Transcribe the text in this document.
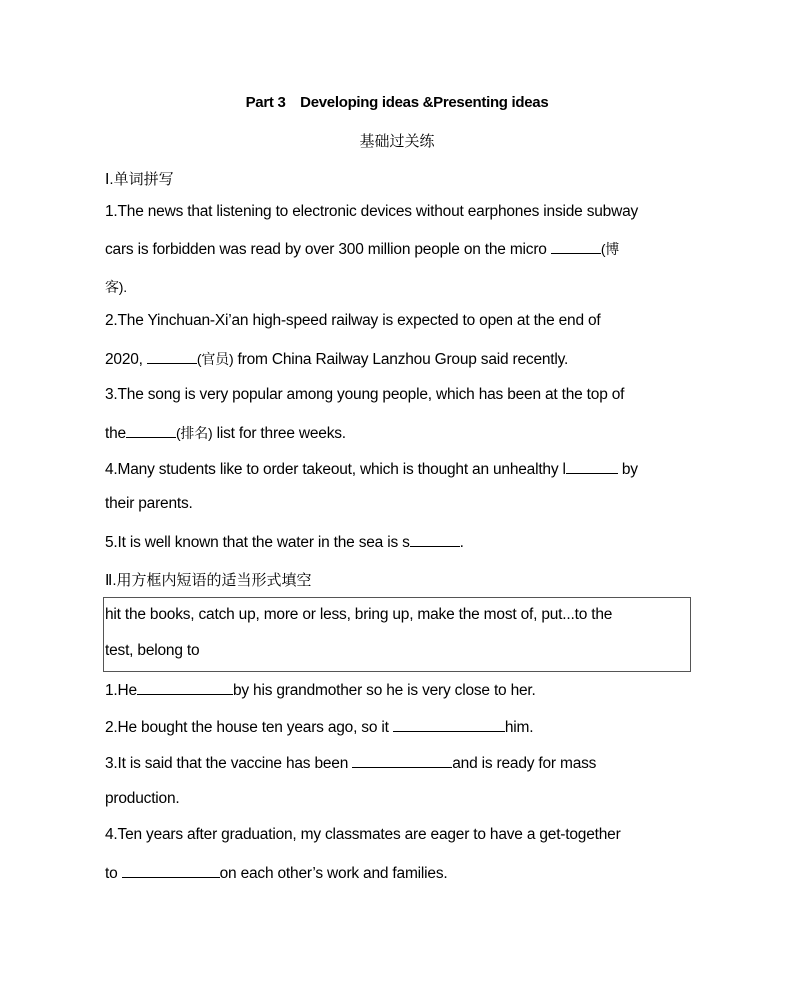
Part 3　Developing ideas &Presenting ideas
基础过关练
Ⅰ.单词拼写
1.The news that listening to electronic devices without earphones inside subway
cars is forbidden was read by over 300 million people on the micro	(博
客).
2.The Yinchuan-Xi’an high-speed railway is expected to open at the end of
2020,	(官员) from China Railway Lanzhou Group said recently.
3.The song is very popular among young people, which has been at the top of
the	(排名) list for three weeks.
4.Many students like to order takeout, which is thought an unhealthy l	by
their parents.
5.It is well known that the water in the sea is s	.
Ⅱ.用方框内短语的适当形式填空
hit the books, catch up, more or less, bring up, make the most of, put...to the
test, belong to
1.He	by his grandmother so he is very close to her.
2.He bought the house ten years ago, so it	him.
3.It is said that the vaccine has been	and is ready for mass
production.
4.Ten years after graduation, my classmates are eager to have a get-together
to	on each other’s work and families.
